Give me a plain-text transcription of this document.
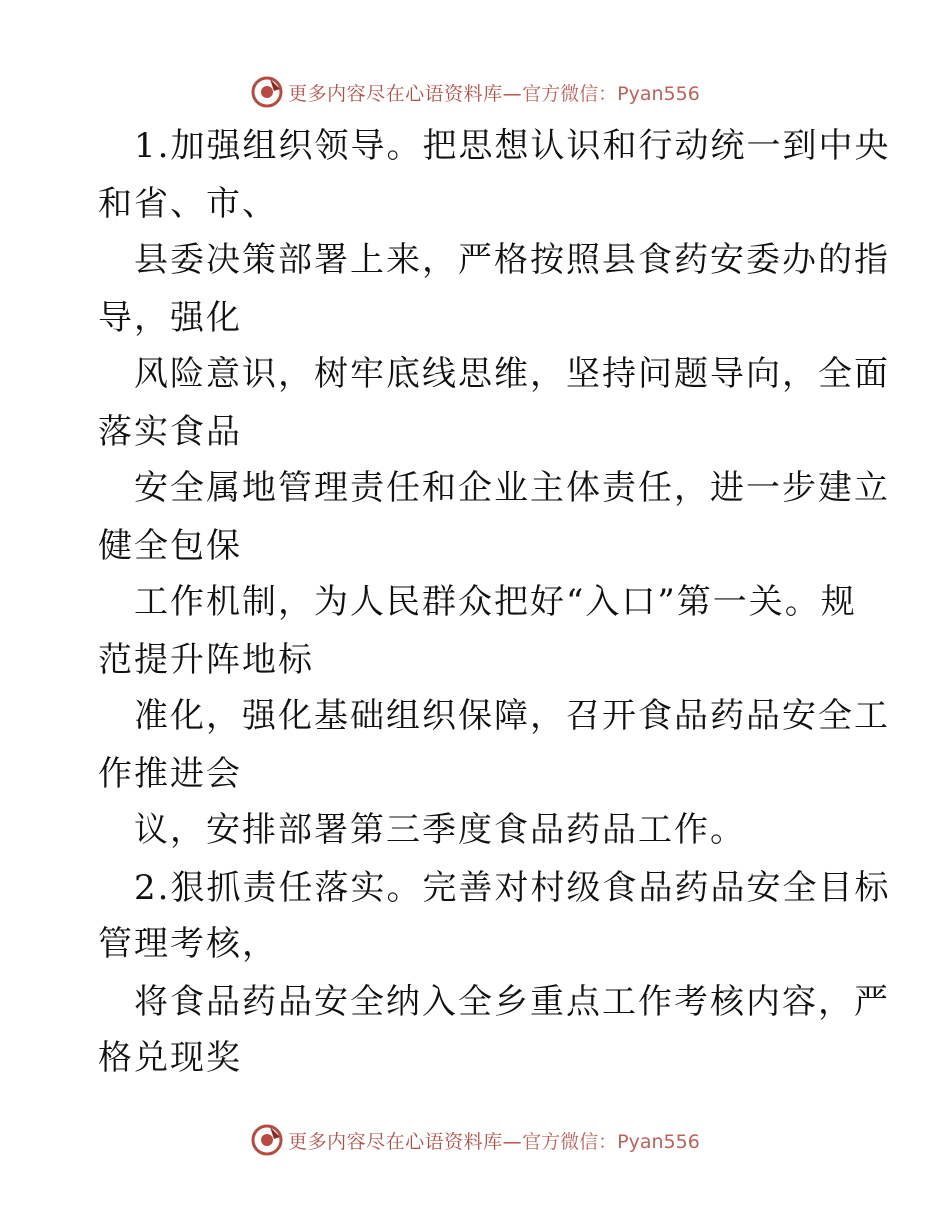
更多内容尽在心语资料库— 官方微信：Pyan556
1.加强组织领导。把思想认识和行动统一到中央
和省、市、
县委决策部署上来，严格按照县食药安委办的指
导，强化
风险意识，树牢底线思维，坚持问题导向，全面
落实食品
安全属地管理责任和企业主体责任，进一步建立
健全包保
工作机制，为人民群众把好“入口”第一关。规
范提升阵地标
准化，强化基础组织保障，召开食品药品安全工
作推进会
议，安排部署第三季度食品药品工作。
2.狠抓责任落实。完善对村级食品药品安全目标
管理考核，
将食品药品安全纳入全乡重点工作考核内容，严
格兑现奖
更多内容尽在心语资料库— 官方微信：Pyan556
